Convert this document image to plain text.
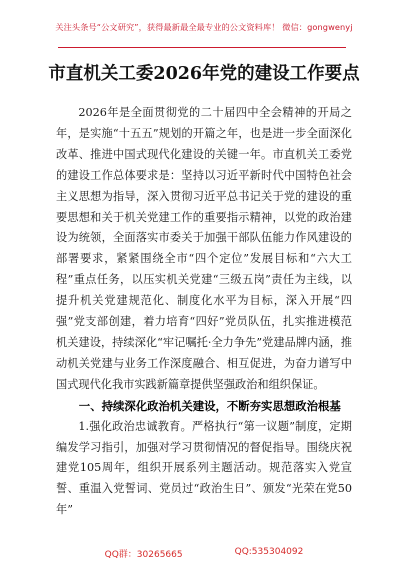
关注头条号“公文研究”，获得最新最全最专业的公文资料库！ 微信：gongwenyj
市直机关工委2026年党的建设工作要点

2026年是全面贯彻党的二十届四中全会精神的开局之年，是实施“十五五”规划的开篇之年，也是进一步全面深化改革、推进中国式现代化建设的关键一年。市直机关工委党的建设工作总体要求是：坚持以习近平新时代中国特色社会主义思想为指导，深入贯彻习近平总书记关于党的建设的重要思想和关于机关党建工作的重要指示精神，以党的政治建设为统领，全面落实市委关于加强干部队伍能力作风建设的部署要求，紧紧围绕全市“四个定位”发展目标和“六大工程”重点任务，以压实机关党建“三级五岗”责任为主线，以提升机关党建规范化、制度化水平为目标，深入开展“四强”党支部创建，着力培育“四好”党员队伍，扎实推进模范机关建设，持续深化“牢记嘱托·全力争先”党建品牌内涵，推动机关党建与业务工作深度融合、相互促进，为奋力谱写中国式现代化我市实践新篇章提供坚强政治和组织保证。

一、持续深化政治机关建设，不断夯实思想政治根基

1.强化政治忠诚教育。严格执行“第一议题”制度，定期编发学习指引，加强对学习贯彻情况的督促指导。围绕庆祝建党105周年，组织开展系列主题活动。规范落实入党宣誓、重温入党誓词、党员过“政治生日”、颁发“光荣在党50年”

QQ群：30265665	QQ:535304092
